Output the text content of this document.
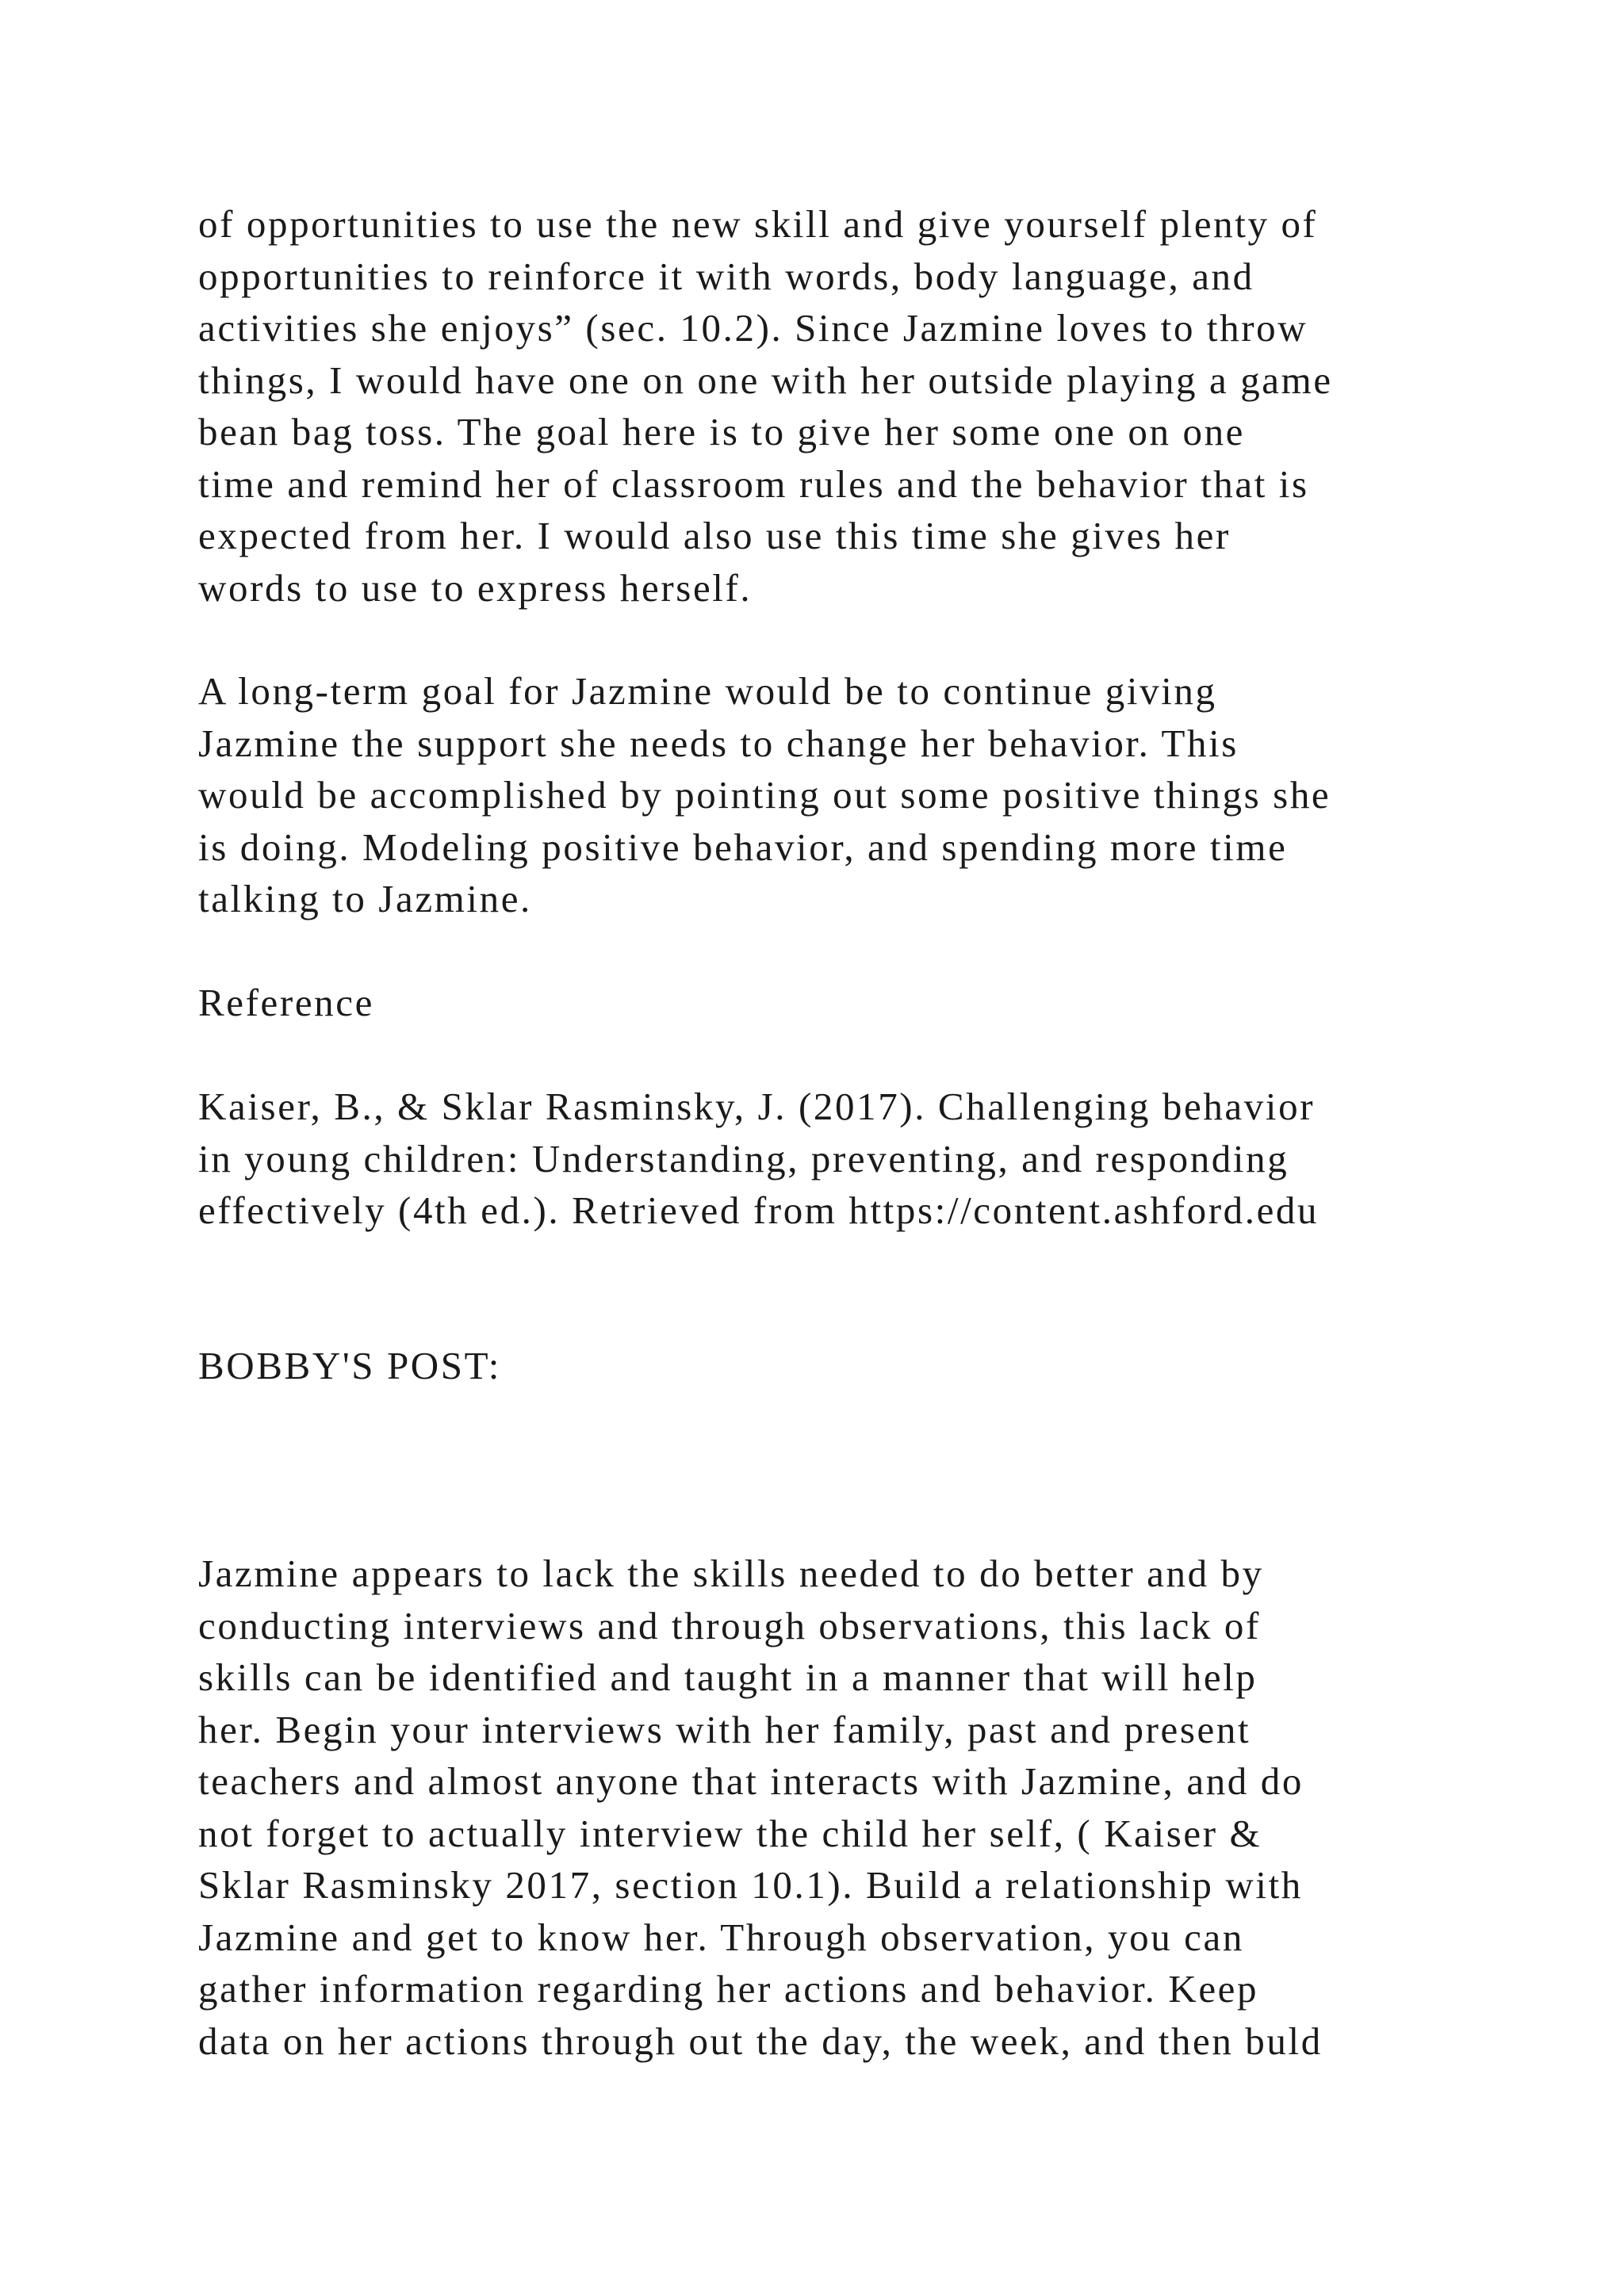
of opportunities to use the new skill and give yourself plenty of
opportunities to reinforce it with words, body language, and
activities she enjoys” (sec. 10.2). Since Jazmine loves to throw
things, I would have one on one with her outside playing a game
bean bag toss. The goal here is to give her some one on one
time and remind her of classroom rules and the behavior that is
expected from her. I would also use this time she gives her
words to use to express herself.
A long-term goal for Jazmine would be to continue giving
Jazmine the support she needs to change her behavior. This
would be accomplished by pointing out some positive things she
is doing. Modeling positive behavior, and spending more time
talking to Jazmine.
Reference
Kaiser, B., & Sklar Rasminsky, J. (2017). Challenging behavior
in young children: Understanding, preventing, and responding
effectively (4th ed.). Retrieved from https://content.ashford.edu
BOBBY'S POST:
Jazmine appears to lack the skills needed to do better and by
conducting interviews and through observations, this lack of
skills can be identified and taught in a manner that will help
her. Begin your interviews with her family, past and present
teachers and almost anyone that interacts with Jazmine, and do
not forget to actually interview the child her self, ( Kaiser &
Sklar Rasminsky 2017, section 10.1). Build a relationship with
Jazmine and get to know her. Through observation, you can
gather information regarding her actions and behavior. Keep
data on her actions through out the day, the week, and then buld
